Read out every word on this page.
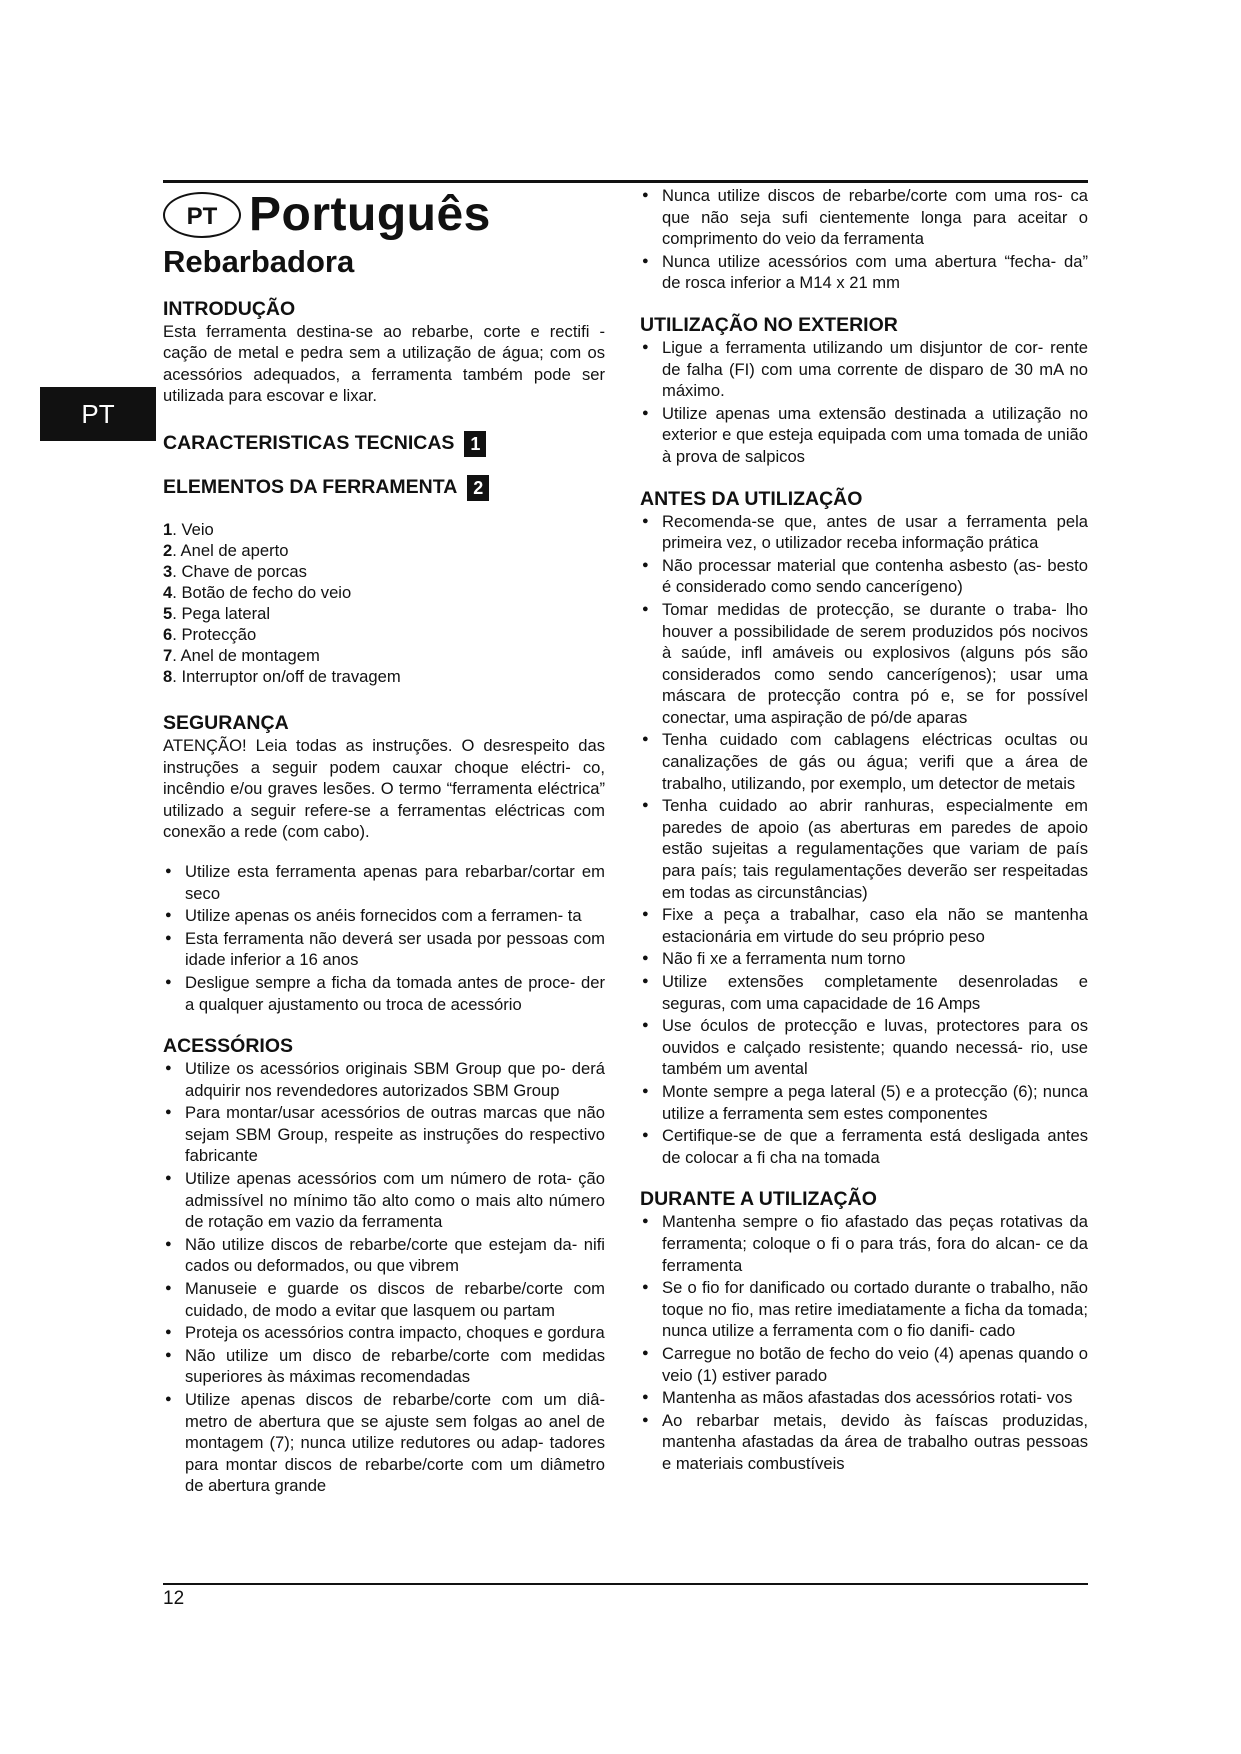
PT
PT Português
Rebarbadora
INTRODUÇÃO

Esta ferramenta destina-se ao rebarbe, corte e rectifi - cação de metal e pedra sem a utilização de água; com os acessórios adequados, a ferramenta também pode ser utilizada para escovar e lixar.

CARACTERISTICAS TECNICAS 1
ELEMENTOS DA FERRAMENTA 2
1. Veio
2. Anel de aperto
3. Chave de porcas
4. Botão de fecho do veio
5. Pega lateral
6. Protecção
7. Anel de montagem
8. Interruptor on/off de travagem
SEGURANÇA

ATENÇÃO! Leia todas as instruções. O desrespeito das instruções a seguir podem cauxar choque eléctri- co, incêndio e/ou graves lesões. O termo “ferramenta eléctrica” utilizado a seguir refere-se a ferramentas eléctricas com conexão a rede (com cabo).

● Utilize esta ferramenta apenas para rebarbar/cortar em seco
● Utilize apenas os anéis fornecidos com a ferramen- ta
● Esta ferramenta não deverá ser usada por pessoas com idade inferior a 16 anos
● Desligue sempre a ficha da tomada antes de proce- der a qualquer ajustamento ou troca de acessório
ACESSÓRIOS
● Utilize os acessórios originais SBM Group que po- derá adquirir nos revendedores autorizados SBM Group
● Para montar/usar acessórios de outras marcas que não sejam SBM Group, respeite as instruções do respectivo fabricante
● Utilize apenas acessórios com um número de rota- ção admissível no mínimo tão alto como o mais alto número de rotação em vazio da ferramenta
● Não utilize discos de rebarbe/corte que estejam da- nifi cados ou deformados, ou que vibrem
● Manuseie e guarde os discos de rebarbe/corte com cuidado, de modo a evitar que lasquem ou partam
● Proteja os acessórios contra impacto, choques e gordura
● Não utilize um disco de rebarbe/corte com medidas superiores às máximas recomendadas
● Utilize apenas discos de rebarbe/corte com um diâ- metro de abertura que se ajuste sem folgas ao anel de montagem (7); nunca utilize redutores ou adap- tadores para montar discos de rebarbe/corte com um diâmetro de abertura grande
● Nunca utilize discos de rebarbe/corte com uma ros- ca que não seja sufi cientemente longa para aceitar o comprimento do veio da ferramenta
● Nunca utilize acessórios com uma abertura “fecha- da” de rosca inferior a M14 x 21 mm
UTILIZAÇÃO NO EXTERIOR
● Ligue a ferramenta utilizando um disjuntor de cor- rente de falha (FI) com uma corrente de disparo de 30 mA no máximo.
● Utilize apenas uma extensão destinada a utilização no exterior e que esteja equipada com uma tomada de união à prova de salpicos
ANTES DA UTILIZAÇÃO
● Recomenda-se que, antes de usar a ferramenta pela primeira vez, o utilizador receba informação prática
● Não processar material que contenha asbesto (as- besto é considerado como sendo cancerígeno)
● Tomar medidas de protecção, se durante o traba- lho houver a possibilidade de serem produzidos pós nocivos à saúde, infl amáveis ou explosivos (alguns pós são considerados como sendo cancerígenos); usar uma máscara de protecção contra pó e, se for possível conectar, uma aspiração de pó/de aparas
● Tenha cuidado com cablagens eléctricas ocultas ou canalizações de gás ou água; verifi que a área de trabalho, utilizando, por exemplo, um detector de metais
● Tenha cuidado ao abrir ranhuras, especialmente em paredes de apoio (as aberturas em paredes de apoio estão sujeitas a regulamentações que variam de país para país; tais regulamentações deverão ser respeitadas em todas as circunstâncias)
● Fixe a peça a trabalhar, caso ela não se mantenha estacionária em virtude do seu próprio peso
● Não fi xe a ferramenta num torno
● Utilize extensões completamente desenroladas e seguras, com uma capacidade de 16 Amps
● Use óculos de protecção e luvas, protectores para os ouvidos e calçado resistente; quando necessá- rio, use também um avental
● Monte sempre a pega lateral (5) e a protecção (6); nunca utilize a ferramenta sem estes componentes
● Certifique-se de que a ferramenta está desligada antes de colocar a fi cha na tomada
DURANTE A UTILIZAÇÃO
● Mantenha sempre o fio afastado das peças rotativas da ferramenta; coloque o fi o para trás, fora do alcan- ce da ferramenta
● Se o fio for danificado ou cortado durante o trabalho, não toque no fio, mas retire imediatamente a ficha da tomada; nunca utilize a ferramenta com o fio danifi- cado
● Carregue no botão de fecho do veio (4) apenas quando o veio (1) estiver parado
● Mantenha as mãos afastadas dos acessórios rotati- vos
● Ao rebarbar metais, devido às faíscas produzidas, mantenha afastadas da área de trabalho outras pessoas e materiais combustíveis
12
